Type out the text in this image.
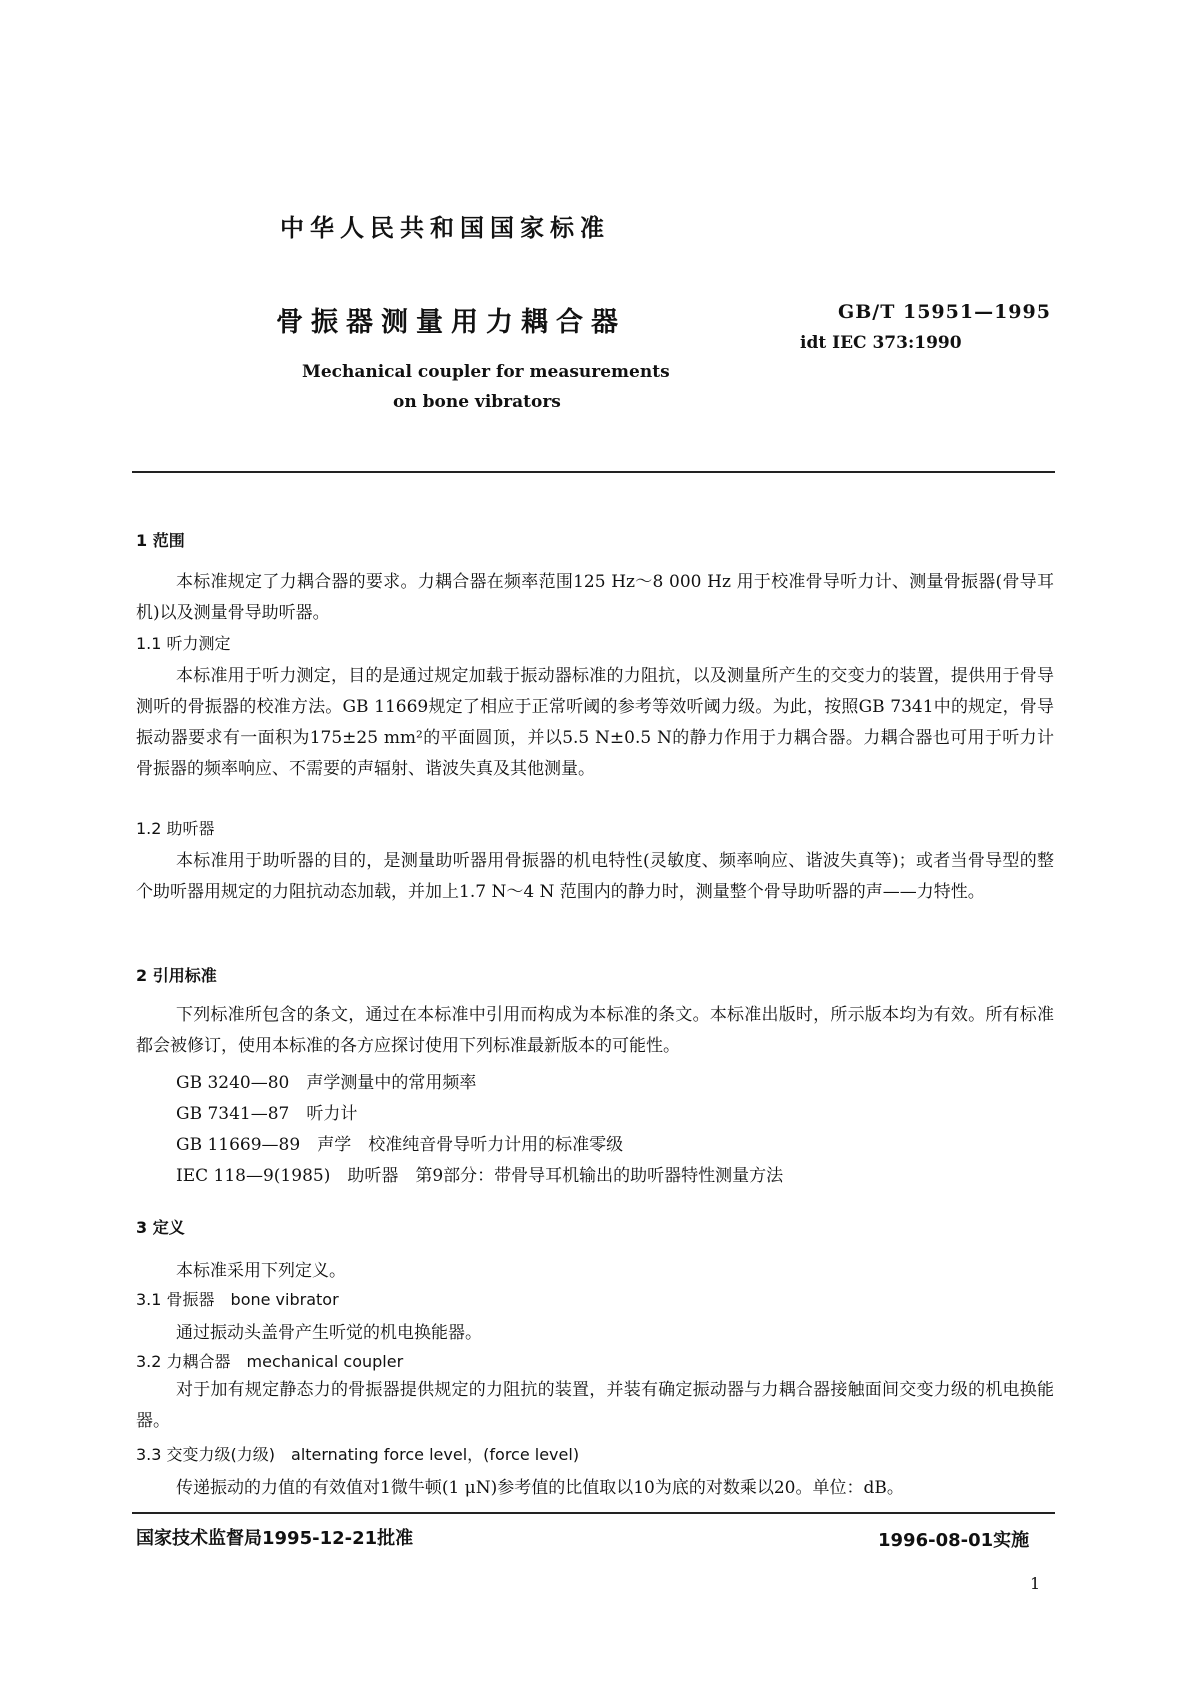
中华人民共和国国家标准
骨振器测量用力耦合器	GB/T 15951—1995
idt IEC 373:1990
Mechanical coupler for measurements
on bone vibrators
1 范围

本标准规定了力耦合器的要求。力耦合器在频率范围125 Hz～8 000 Hz 用于校准骨导听力计、测量骨振器(骨导耳机)以及测量骨导助听器。

1.1 听力测定

本标准用于听力测定，目的是通过规定加载于振动器标准的力阻抗，以及测量所产生的交变力的装置，提供用于骨导测听的骨振器的校准方法。GB 11669规定了相应于正常听阈的参考等效听阈力级。为此，按照GB 7341中的规定，骨导振动器要求有一面积为175±25 mm²的平面圆顶，并以5.5 N±0.5 N的静力作用于力耦合器。力耦合器也可用于听力计骨振器的频率响应、不需要的声辐射、谐波失真及其他测量。

1.2 助听器

本标准用于助听器的目的，是测量助听器用骨振器的机电特性(灵敏度、频率响应、谐波失真等)；或者当骨导型的整个助听器用规定的力阻抗动态加载，并加上1.7 N～4 N 范围内的静力时，测量整个骨导助听器的声——力特性。

2 引用标准

下列标准所包含的条文，通过在本标准中引用而构成为本标准的条文。本标准出版时，所示版本均为有效。所有标准都会被修订，使用本标准的各方应探讨使用下列标准最新版本的可能性。

GB 3240—80　声学测量中的常用频率
GB 7341—87　听力计
GB 11669—89　声学　校准纯音骨导听力计用的标准零级
IEC 118—9(1985)　助听器　第9部分：带骨导耳机输出的助听器特性测量方法
3 定义
本标准采用下列定义。
3.1 骨振器　bone vibrator
通过振动头盖骨产生听觉的机电换能器。
3.2 力耦合器　mechanical coupler

对于加有规定静态力的骨振器提供规定的力阻抗的装置，并装有确定振动器与力耦合器接触面间交变力级的机电换能器。

3.3 交变力级(力级)　alternating force level，(force level)
传递振动的力值的有效值对1微牛顿(1 μN)参考值的比值取以10为底的对数乘以20。单位：dB。
国家技术监督局1995-12-21批准	1996-08-01实施
1
